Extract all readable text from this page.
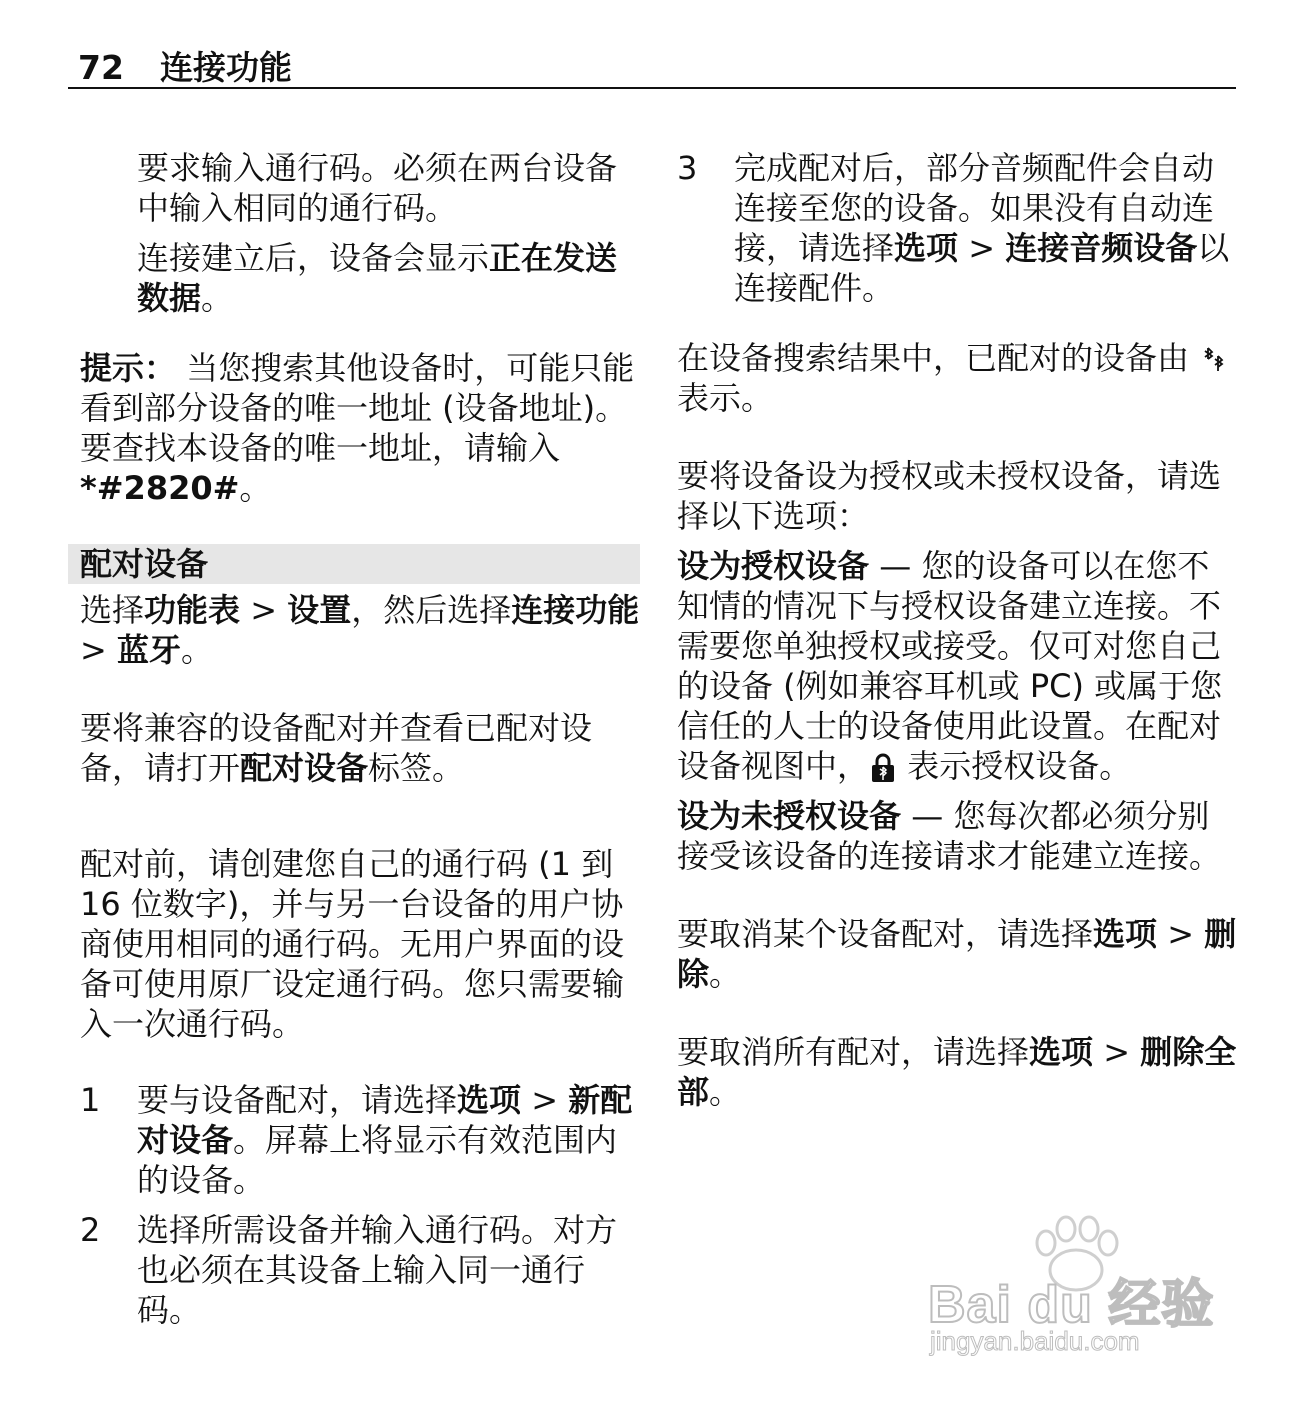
72 连接功能

要求输入通行码。必须在两台设备中输入相同的通行码。

连接建立后，设备会显示正在发送数据。

提示： 当您搜索其他设备时，可能只能看到部分设备的唯一地址 (设备地址)。要查找本设备的唯一地址，请输入 *#2820#。

配对设备

选择功能表 > 设置，然后选择连接功能 > 蓝牙。

要将兼容的设备配对并查看已配对设备，请打开配对设备标签。

配对前，请创建您自己的通行码 (1 到 16 位数字)，并与另一台设备的用户协商使用相同的通行码。无用户界面的设备可使用原厂设定通行码。您只需要输入一次通行码。

1	要与设备配对，请选择选项 > 新配对设备。屏幕上将显示有效范围内的设备。
2	选择所需设备并输入通行码。对方也必须在其设备上输入同一通行码。
3	完成配对后，部分音频配件会自动连接至您的设备。如果没有自动连接，请选择选项 > 连接音频设备以连接配件。

在设备搜索结果中，已配对的设备由  表示。

要将设备设为授权或未授权设备，请选择以下选项：

设为授权设备 — 您的设备可以在您不知情的情况下与授权设备建立连接。不需要您单独授权或接受。仅可对您自己的设备 (例如兼容耳机或 PC) 或属于您信任的人士的设备使用此设置。在配对设备视图中， 表示授权设备。

设为未授权设备 — 您每次都必须分别接受该设备的连接请求才能建立连接。

要取消某个设备配对，请选择选项 > 删除。

要取消所有配对，请选择选项 > 删除全部。

Bai du 经验
jingyan.baidu.com
